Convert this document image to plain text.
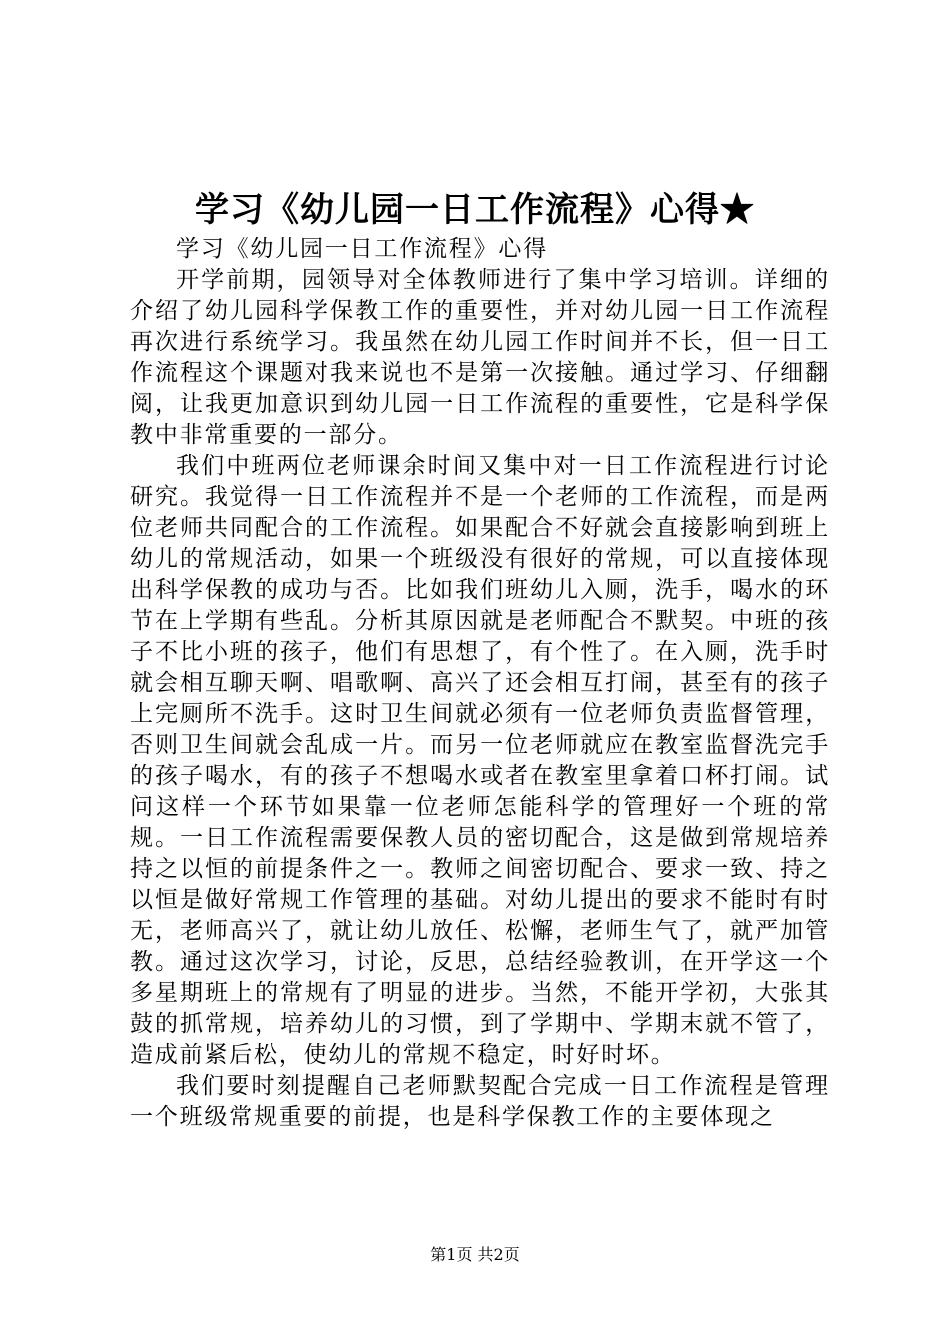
学习《幼儿园一日工作流程》心得★

学习《幼儿园一日工作流程》心得

开学前期，园领导对全体教师进行了集中学习培训。详细的介绍了幼儿园科学保教工作的重要性，并对幼儿园一日工作流程再次进行系统学习。我虽然在幼儿园工作时间并不长，但一日工作流程这个课题对我来说也不是第一次接触。通过学习、仔细翻阅，让我更加意识到幼儿园一日工作流程的重要性，它是科学保教中非常重要的一部分。

我们中班两位老师课余时间又集中对一日工作流程进行讨论研究。我觉得一日工作流程并不是一个老师的工作流程，而是两位老师共同配合的工作流程。如果配合不好就会直接影响到班上幼儿的常规活动，如果一个班级没有很好的常规，可以直接体现出科学保教的成功与否。比如我们班幼儿入厕，洗手，喝水的环节在上学期有些乱。分析其原因就是老师配合不默契。中班的孩子不比小班的孩子，他们有思想了，有个性了。在入厕，洗手时就会相互聊天啊、唱歌啊、高兴了还会相互打闹，甚至有的孩子上完厕所不洗手。这时卫生间就必须有一位老师负责监督管理，否则卫生间就会乱成一片。而另一位老师就应在教室监督洗完手的孩子喝水，有的孩子不想喝水或者在教室里拿着口杯打闹。试问这样一个环节如果靠一位老师怎能科学的管理好一个班的常规。一日工作流程需要保教人员的密切配合，这是做到常规培养持之以恒的前提条件之一。教师之间密切配合、要求一致、持之以恒是做好常规工作管理的基础。对幼儿提出的要求不能时有时无，老师高兴了，就让幼儿放任、松懈，老师生气了，就严加管教。通过这次学习，讨论，反思，总结经验教训，在开学这一个多星期班上的常规有了明显的进步。当然，不能开学初，大张其鼓的抓常规，培养幼儿的习惯，到了学期中、学期末就不管了，造成前紧后松，使幼儿的常规不稳定，时好时坏。

我们要时刻提醒自己老师默契配合完成一日工作流程是管理一个班级常规重要的前提，也是科学保教工作的主要体现之

第1页 共2页
